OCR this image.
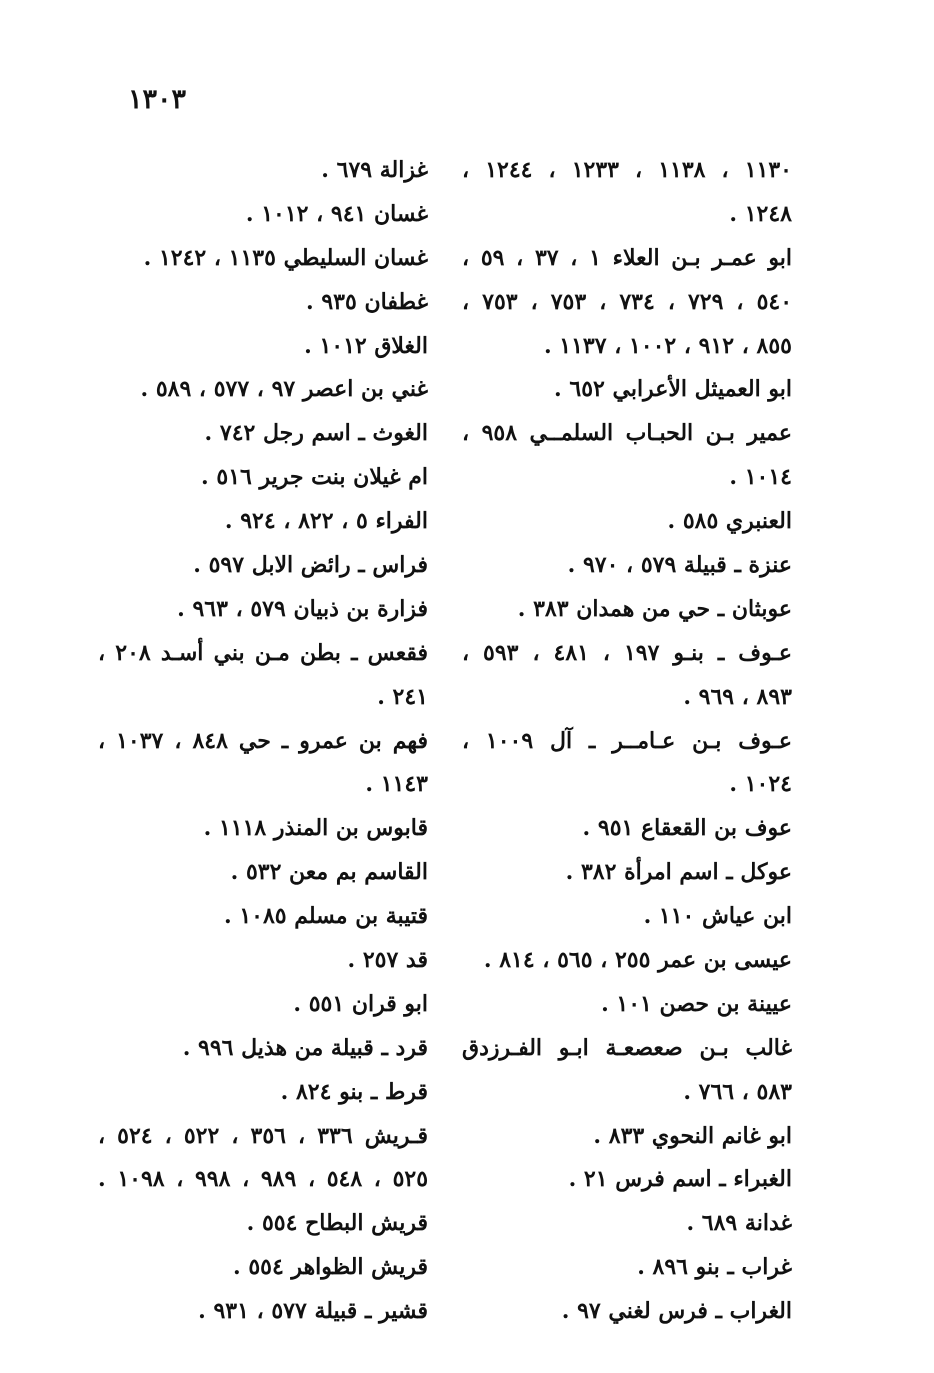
١٣٠٣
١١٣٠ ، ١١٣٨ ، ١٢٣٣ ، ١٢٤٤ ،
١٢٤٨ .
ابو عمـر بـن العلاء ١ ، ٣٧ ، ٥٩ ،
٥٤٠ ، ٧٢٩ ، ٧٣٤ ، ٧٥٣ ، ٧٥٣ ،
٨٥٥ ، ٩١٢ ، ١٠٠٢ ، ١١٣٧ .
ابو العميثل الأعرابي ٦٥٢ .
عمير بـن الحبـاب السلمــي ٩٥٨ ،
١٠١٤ .
العنبري ٥٨٥ .
عنزة ـ قبيلة ٥٧٩ ، ٩٧٠ .
عوبثان ـ حي من همدان ٣٨٣ .
عـوف ـ بنـو ١٩٧ ، ٤٨١ ، ٥٩٣ ،
٨٩٣ ، ٩٦٩ .
عـوف بـن عـامــر ـ آل ١٠٠٩ ،
١٠٢٤ .
عوف بن القعقاع ٩٥١ .
عوكل ـ اسم امرأة ٣٨٢ .
ابن عياش ١١٠ .
عيسى بن عمر ٢٥٥ ، ٥٦٥ ، ٨١٤ .
عيينة بن حصن ١٠١ .
غالب بـن صعصعـة ابـو الفـرزدق
٥٨٣ ، ٧٦٦ .
ابو غانم النحوي ٨٣٣ .
الغبراء ـ اسم فرس ٢١ .
غدانة ٦٨٩ .
غراب ـ بنو ٨٩٦ .
الغراب ـ فرس لغني ٩٧ .
غزالة ٦٧٩ .
غسان ٩٤١ ، ١٠١٢ .
غسان السليطي ١١٣٥ ، ١٢٤٢ .
غطفان ٩٣٥ .
الغلاق ١٠١٢ .
غني بن اعصر ٩٧ ، ٥٧٧ ، ٥٨٩ .
الغوث ـ اسم رجل ٧٤٢ .
ام غيلان بنت جرير ٥١٦ .
الفراء ٥ ، ٨٢٢ ، ٩٢٤ .
فراس ـ رائض الابل ٥٩٧ .
فزارة بن ذبيان ٥٧٩ ، ٩٦٣ .
فقعس ـ بطن مـن بني أسـد ٢٠٨ ،
٢٤١ .
فهم بن عمرو ـ حي ٨٤٨ ، ١٠٣٧ ،
١١٤٣ .
قابوس بن المنذر ١١١٨ .
القاسم بم معن ٥٣٢ .
قتيبة بن مسلم ١٠٨٥ .
قد ٢٥٧ .
ابو قران ٥٥١ .
قرد ـ قبيلة من هذيل ٩٩٦ .
قرط ـ بنو ٨٢٤ .
قـريش ٣٣٦ ، ٣٥٦ ، ٥٢٢ ، ٥٢٤ ،
٥٢٥ ، ٥٤٨ ، ٩٨٩ ، ٩٩٨ ، ١٠٩٨ .
قريش البطاح ٥٥٤ .
قريش الظواهر ٥٥٤ .
قشير ـ قبيلة ٥٧٧ ، ٩٣١ .
